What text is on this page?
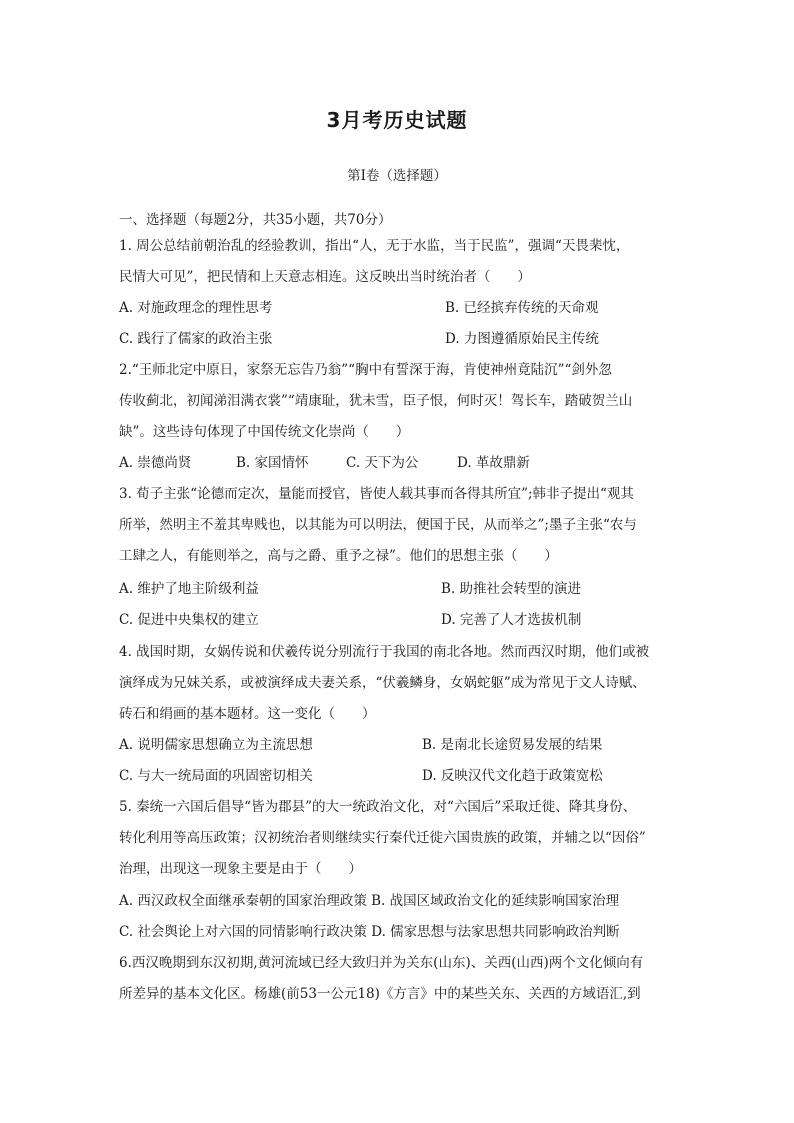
3月考历史试题
第Ⅰ卷（选择题）
一、选择题（每题2分，共35小题，共70分）
1. 周公总结前朝治乱的经验教训，指出“人，无于水监，当于民监”，强调“天畏棐忱，
民情大可见”，把民情和上天意志相连。这反映出当时统治者（　　）
A. 对施政理念的理性思考	B. 已经摈弃传统的天命观
C. 践行了儒家的政治主张	D. 力图遵循原始民主传统
2.“王师北定中原日，家祭无忘告乃翁”“胸中有誓深于海，肯使神州竟陆沉”“剑外忽
传收蓟北，初闻涕泪满衣裳”“靖康耻，犹未雪，臣子恨，何时灭！驾长车，踏破贺兰山
缺”。这些诗句体现了中国传统文化崇尚（　　）
A. 崇德尚贤	B. 家国情怀	C. 天下为公	D. 革故鼎新
3. 荀子主张“论德而定次，量能而授官，皆使人载其事而各得其所宜”;韩非子提出“观其
所举，然明主不羞其卑贱也，以其能为可以明法，便国于民，从而举之”;墨子主张“农与
工肆之人，有能则举之，高与之爵、重予之禄”。他们的思想主张（　　）
A. 维护了地主阶级利益	B. 助推社会转型的演进
C. 促进中央集权的建立	D. 完善了人才选拔机制
4. 战国时期，女娲传说和伏羲传说分别流行于我国的南北各地。然而西汉时期，他们或被
演绎成为兄妹关系，或被演绎成夫妻关系，“伏羲鳞身，女娲蛇躯”成为常见于文人诗赋、
砖石和绢画的基本题材。这一变化（　　）
A. 说明儒家思想确立为主流思想	B. 是南北长途贸易发展的结果
C. 与大一统局面的巩固密切相关	D. 反映汉代文化趋于政策宽松
5. 秦统一六国后倡导“皆为郡县”的大一统政治文化，对“六国后”采取迁徙、降其身份、
转化利用等高压政策；汉初统治者则继续实行秦代迁徙六国贵族的政策，并辅之以“因俗”
治理，出现这一现象主要是由于（　　）
A. 西汉政权全面继承秦朝的国家治理政策 B. 战国区域政治文化的延续影响国家治理
C. 社会舆论上对六国的同情影响行政决策 D. 儒家思想与法家思想共同影响政治判断
6.西汉晚期到东汉初期,黄河流域已经大致归并为关东(山东)、关西(山西)两个文化倾向有
所差异的基本文化区。杨雄(前53一公元18)《方言》中的某些关东、关西的方域语汇,到
